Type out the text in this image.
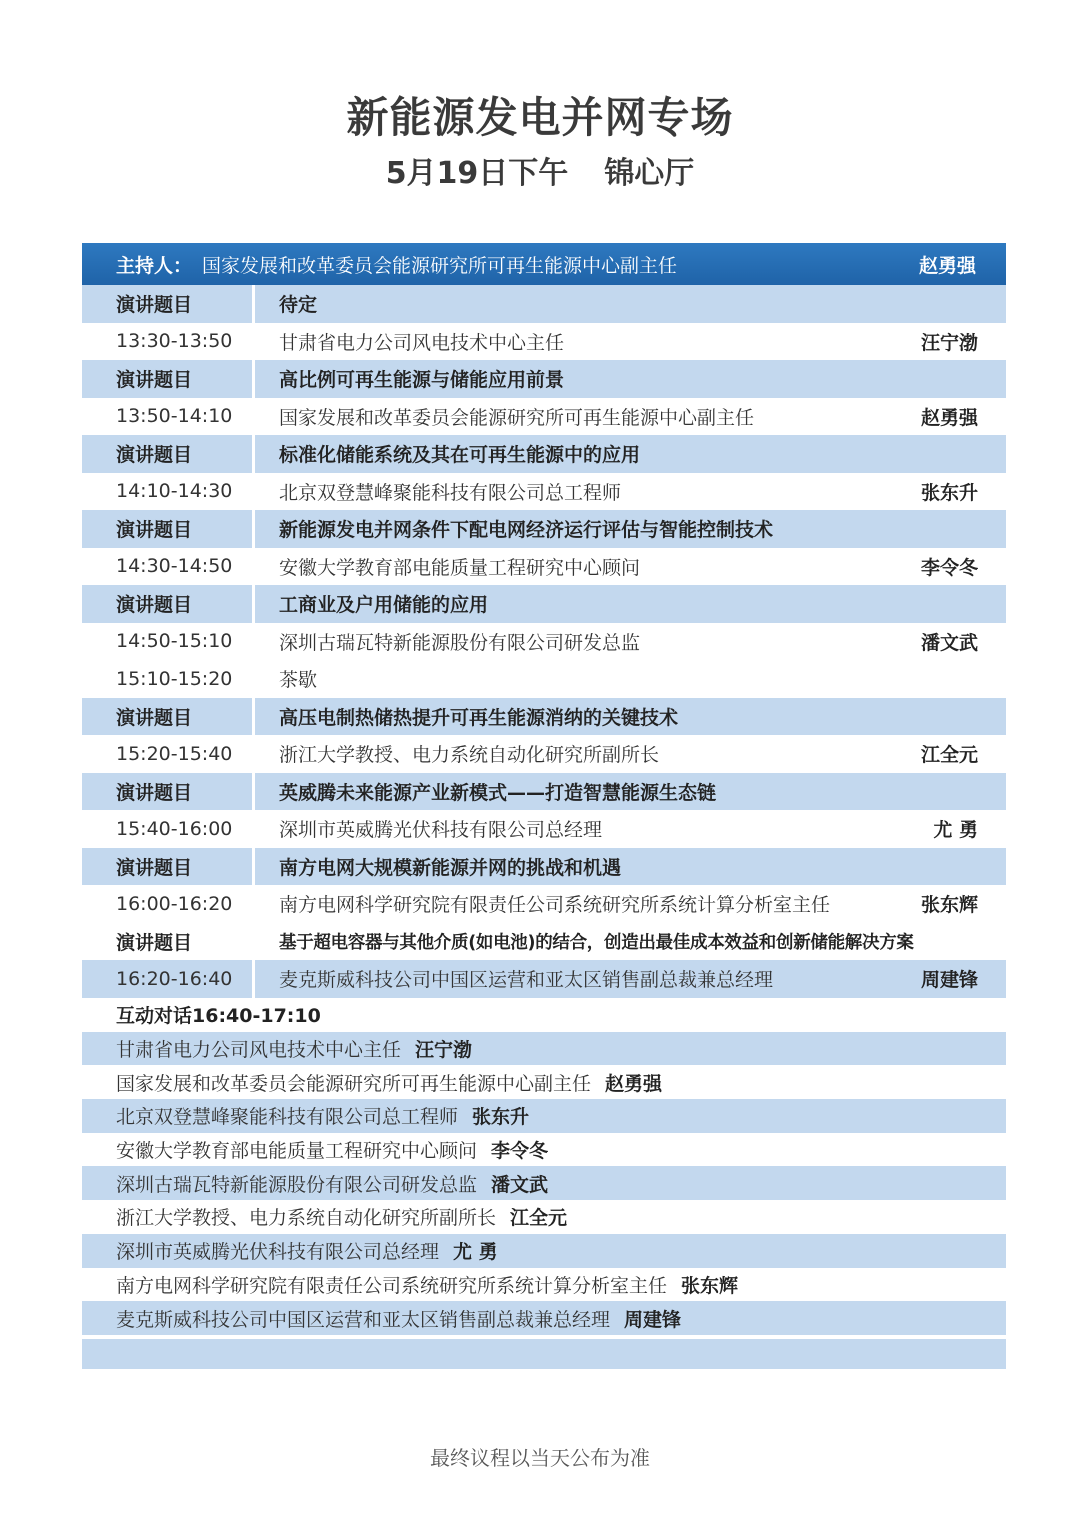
新能源发电并网专场
5月19日下午 锦心厅
主持人： 国家发展和改革委员会能源研究所可再生能源中心副主任	赵勇强
演讲题目	待定
13:30-13:50	甘肃省电力公司风电技术中心主任	汪宁渤
演讲题目	高比例可再生能源与储能应用前景
13:50-14:10	国家发展和改革委员会能源研究所可再生能源中心副主任	赵勇强
演讲题目	标准化储能系统及其在可再生能源中的应用
14:10-14:30	北京双登慧峰聚能科技有限公司总工程师	张东升
演讲题目	新能源发电并网条件下配电网经济运行评估与智能控制技术
14:30-14:50	安徽大学教育部电能质量工程研究中心顾问	李令冬
演讲题目	工商业及户用储能的应用
14:50-15:10	深圳古瑞瓦特新能源股份有限公司研发总监	潘文武
15:10-15:20	茶歇
演讲题目	高压电制热储热提升可再生能源消纳的关键技术
15:20-15:40	浙江大学教授、电力系统自动化研究所副所长	江全元
演讲题目	英威腾未来能源产业新模式——打造智慧能源生态链
15:40-16:00	深圳市英威腾光伏科技有限公司总经理	尤 勇
演讲题目	南方电网大规模新能源并网的挑战和机遇
16:00-16:20	南方电网科学研究院有限责任公司系统研究所系统计算分析室主任	张东辉
演讲题目	基于超电容器与其他介质(如电池)的结合，创造出最佳成本效益和创新储能解决方案
16:20-16:40	麦克斯威科技公司中国区运营和亚太区销售副总裁兼总经理	周建锋
互动对话16:40-17:10
甘肃省电力公司风电技术中心主任 汪宁渤
国家发展和改革委员会能源研究所可再生能源中心副主任 赵勇强
北京双登慧峰聚能科技有限公司总工程师 张东升
安徽大学教育部电能质量工程研究中心顾问 李令冬
深圳古瑞瓦特新能源股份有限公司研发总监 潘文武
浙江大学教授、电力系统自动化研究所副所长 江全元
深圳市英威腾光伏科技有限公司总经理 尤 勇
南方电网科学研究院有限责任公司系统研究所系统计算分析室主任 张东辉
麦克斯威科技公司中国区运营和亚太区销售副总裁兼总经理 周建锋
最终议程以当天公布为准
